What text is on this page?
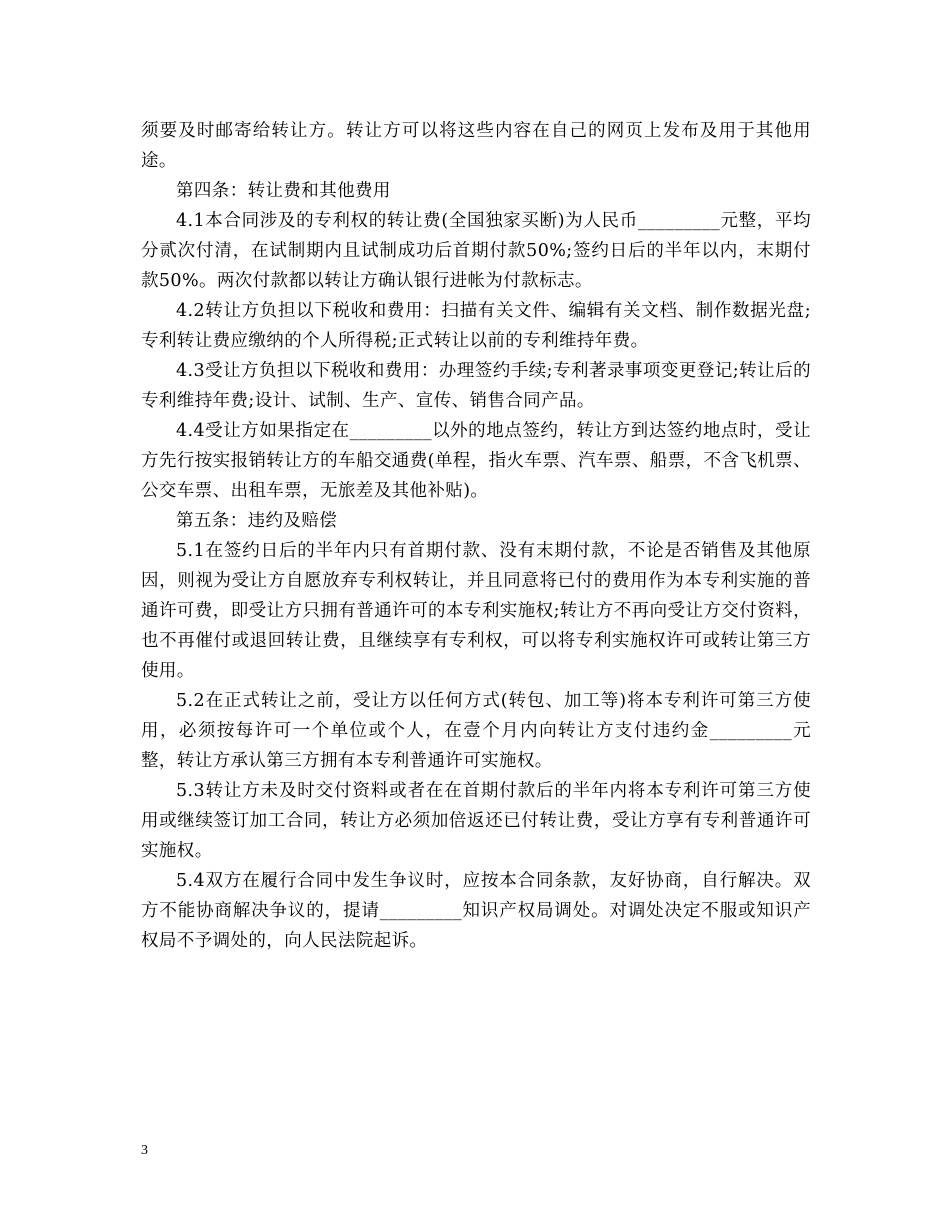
须要及时邮寄给转让方。转让方可以将这些内容在自己的网页上发布及用于其他用途。

第四条：转让费和其他费用

4.1本合同涉及的专利权的转让费(全国独家买断)为人民币_________元整，平均分贰次付清，在试制期内且试制成功后首期付款50%;签约日后的半年以内，末期付款50%。两次付款都以转让方确认银行进帐为付款标志。

4.2转让方负担以下税收和费用：扫描有关文件、编辑有关文档、制作数据光盘;专利转让费应缴纳的个人所得税;正式转让以前的专利维持年费。

4.3受让方负担以下税收和费用：办理签约手续;专利著录事项变更登记;转让后的专利维持年费;设计、试制、生产、宣传、销售合同产品。

4.4受让方如果指定在_________以外的地点签约，转让方到达签约地点时，受让方先行按实报销转让方的车船交通费(单程，指火车票、汽车票、船票，不含飞机票、公交车票、出租车票，无旅差及其他补贴)。

第五条：违约及赔偿

5.1在签约日后的半年内只有首期付款、没有末期付款，不论是否销售及其他原因，则视为受让方自愿放弃专利权转让，并且同意将已付的费用作为本专利实施的普通许可费，即受让方只拥有普通许可的本专利实施权;转让方不再向受让方交付资料，也不再催付或退回转让费，且继续享有专利权，可以将专利实施权许可或转让第三方使用。

5.2在正式转让之前，受让方以任何方式(转包、加工等)将本专利许可第三方使用，必须按每许可一个单位或个人，在壹个月内向转让方支付违约金_________元整，转让方承认第三方拥有本专利普通许可实施权。

5.3转让方未及时交付资料或者在在首期付款后的半年内将本专利许可第三方使用或继续签订加工合同，转让方必须加倍返还已付转让费，受让方享有专利普通许可实施权。

5.4双方在履行合同中发生争议时，应按本合同条款，友好协商，自行解决。双方不能协商解决争议的，提请_________知识产权局调处。对调处决定不服或知识产权局不予调处的，向人民法院起诉。

3
